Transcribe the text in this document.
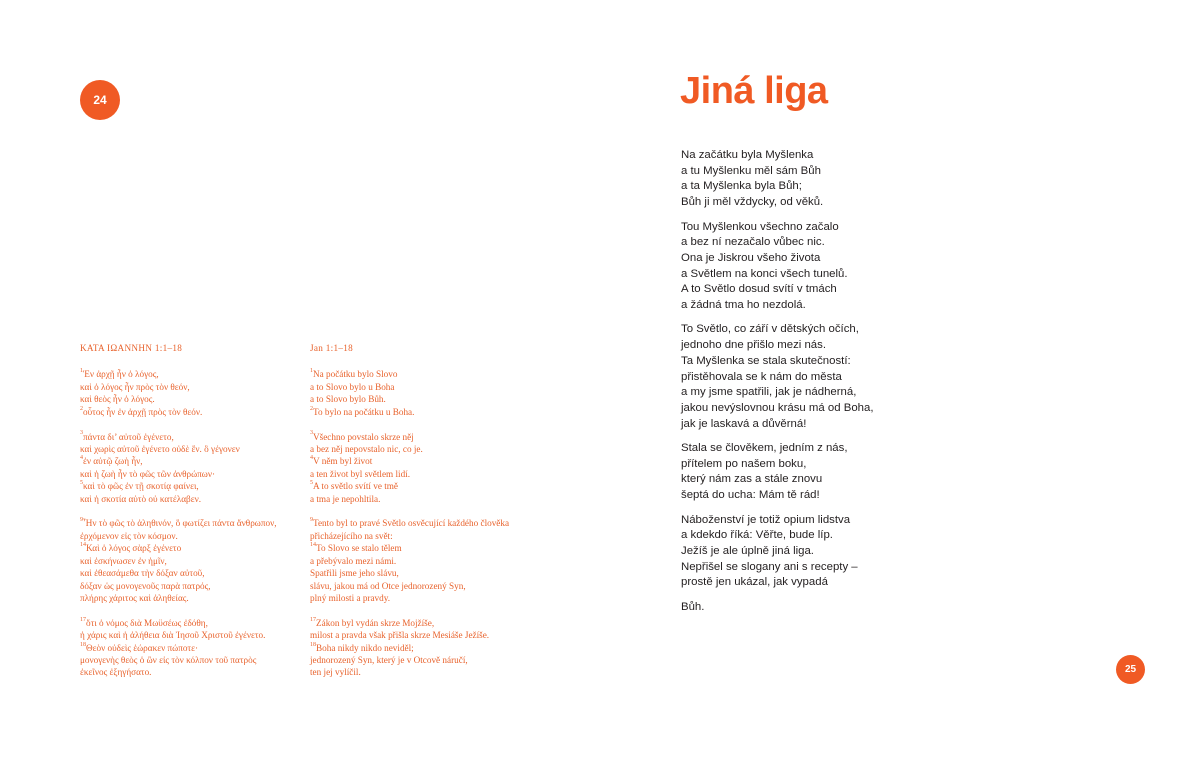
24
ΚΑΤΑ ΙΩΑΝΝΗΝ 1:1–18
$^1$Ἐν ἀρχῇ ἦν ὁ λόγος,
καὶ ὁ λόγος ἦν πρὸς τὸν θεόν,
καὶ θεὸς ἦν ὁ λόγος.
$^2$οὗτος ἦν ἐν ἀρχῇ πρὸς τὸν θεόν.
$^3$πάντα δι’ αὐτοῦ ἐγένετο,
καὶ χωρὶς αὐτοῦ ἐγένετο οὐδὲ ἕν. ὃ γέγονεν
$^4$ἐν αὐτῷ ζωὴ ἦν,
καὶ ἡ ζωὴ ἦν τὸ φῶς τῶν ἀνθρώπων·
$^5$καὶ τὸ φῶς ἐν τῇ σκοτίᾳ φαίνει,
καὶ ἡ σκοτία αὐτὸ οὐ κατέλαβεν.
$^9$Ἦν τὸ φῶς τὸ ἀληθινόν, ὃ φωτίζει πάντα ἄνθρωπον,
ἐρχόμενον εἰς τὸν κόσμον.
$^{14}$Καὶ ὁ λόγος σὰρξ ἐγένετο
καὶ ἐσκήνωσεν ἐν ἡμῖν,
καὶ ἐθεασάμεθα τὴν δόξαν αὐτοῦ,
δόξαν ὡς μονογενοῦς παρὰ πατρός,
πλήρης χάριτος καὶ ἀληθείας.
$^{17}$ὅτι ὁ νόμος διὰ Μωϋσέως ἐδόθη,
ἡ χάρις καὶ ἡ ἀλήθεια διὰ Ἰησοῦ Χριστοῦ ἐγένετο.
$^{18}$Θεὸν οὐδεὶς ἑώρακεν πώποτε·
μονογενὴς θεὸς ὁ ὢν εἰς τὸν κόλπον τοῦ πατρὸς
ἐκεῖνος ἐξηγήσατο.
Jan 1:1–18
$^1$Na počátku bylo Slovo
a to Slovo bylo u Boha
a to Slovo bylo Bůh.
$^2$To bylo na počátku u Boha.
$^3$Všechno povstalo skrze něj
a bez něj nepovstalo nic, co je.
$^4$V něm byl život
a ten život byl světlem lidí.
$^5$A to světlo svítí ve tmě
a tma je nepohltila.
$^9$Tento byl to pravé Světlo osvěcující každého člověka
přicházejícího na svět:
$^{14}$To Slovo se stalo tělem
a přebývalo mezi námi.
Spatřili jsme jeho slávu,
slávu, jakou má od Otce jednorozený Syn,
plný milosti a pravdy.
$^{17}$Zákon byl vydán skrze Mojžíše,
milost a pravda však přišla skrze Mesiáše Ježíše.
$^{18}$Boha nikdy nikdo neviděl;
jednorozený Syn, který je v Otcově náručí,
ten jej vylíčil.
Jiná liga
Na začátku byla Myšlenka
a tu Myšlenku měl sám Bůh
a ta Myšlenka byla Bůh;
Bůh ji měl vždycky, od věků.
Tou Myšlenkou všechno začalo
a bez ní nezačalo vůbec nic.
Ona je Jiskrou všeho života
a Světlem na konci všech tunelů.
A to Světlo dosud svítí v tmách
a žádná tma ho nezdolá.
To Světlo, co září v dětských očích,
jednoho dne přišlo mezi nás.
Ta Myšlenka se stala skutečností:
přistěhovala se k nám do města
a my jsme spatřili, jak je nádherná,
jakou nevýslovnou krásu má od Boha,
jak je laskavá a důvěrná!
Stala se člověkem, jedním z nás,
přítelem po našem boku,
který nám zas a stále znovu
šeptá do ucha: Mám tě rád!
Náboženství je totiž opium lidstva
a kdekdo říká: Věřte, bude líp.
Ježíš je ale úplně jiná liga.
Nepřišel se slogany ani s recepty –
prostě jen ukázal, jak vypadá
Bůh.
25
